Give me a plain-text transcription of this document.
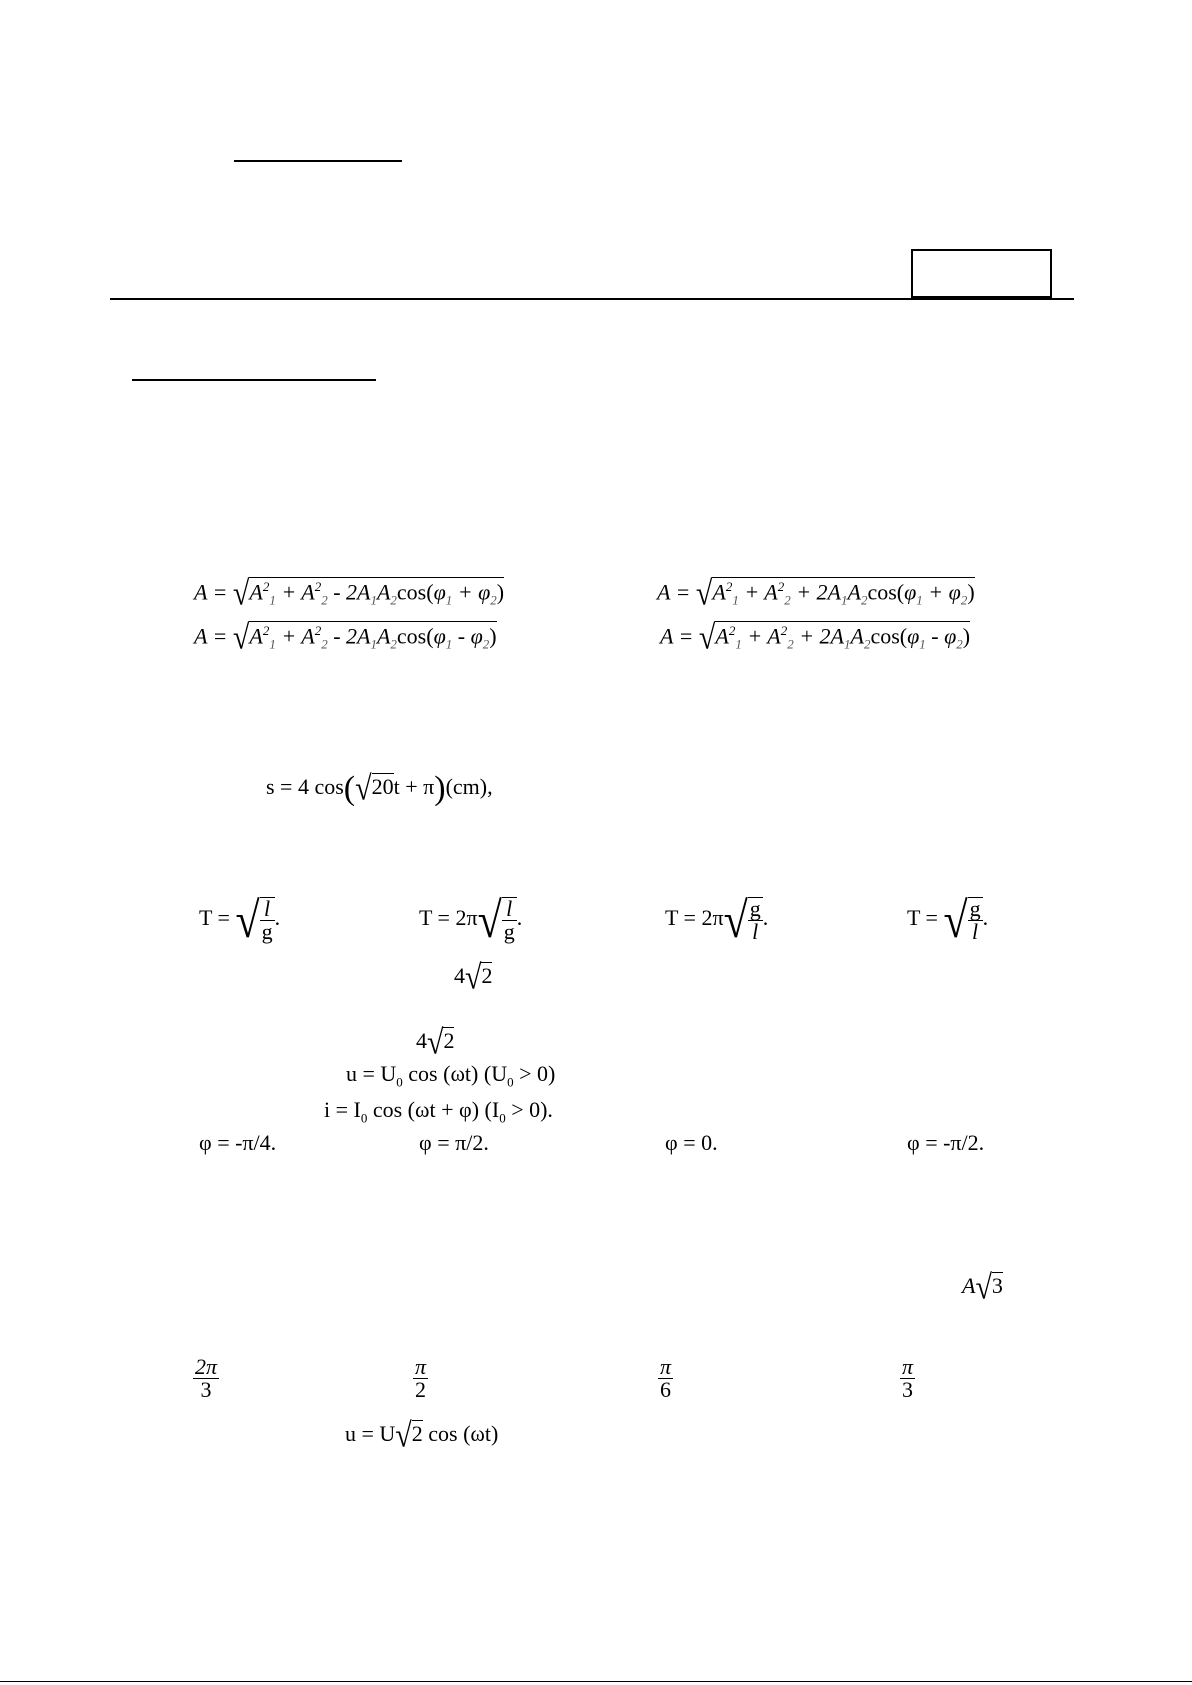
$A = √A^2_1 + A^2_2 - 2A_1A_2\cos(\varphi_1 + \varphi_2)$	$A = √A^2_1 + A^2_2 + 2A_1A_2\cos(\varphi_1 + \varphi_2)$
$A = √A^2_1 + A^2_2 - 2A_1A_2\cos(\varphi_1 - \varphi_2)$	$A = √A^2_1 + A^2_2 + 2A_1A_2\cos(\varphi_1 - \varphi_2)$
s = 4 cos(√20t + π)(cm),
T = √ $\frac{l}{g}$ .	$T = 2\pi√ \frac{l}{g}$ .	$T = 2\pi√ \frac{g}{l}$ .	T = √ $\frac{g}{l}$ .
4√2
4√2
$u = U_0$ cos (ωt) $(U_0 > 0)$
$i = I_0$ cos (ωt + φ) $(I_0 > 0)$.
φ = -π/4.	φ = π/2.	φ = 0.	φ = -π/2.
A√3
$\frac{2\pi}{3}$	$\frac{\pi}{2}$	$\frac{\pi}{6}$	$\frac{\pi}{3}$
u = U√2 cos (ωt)
